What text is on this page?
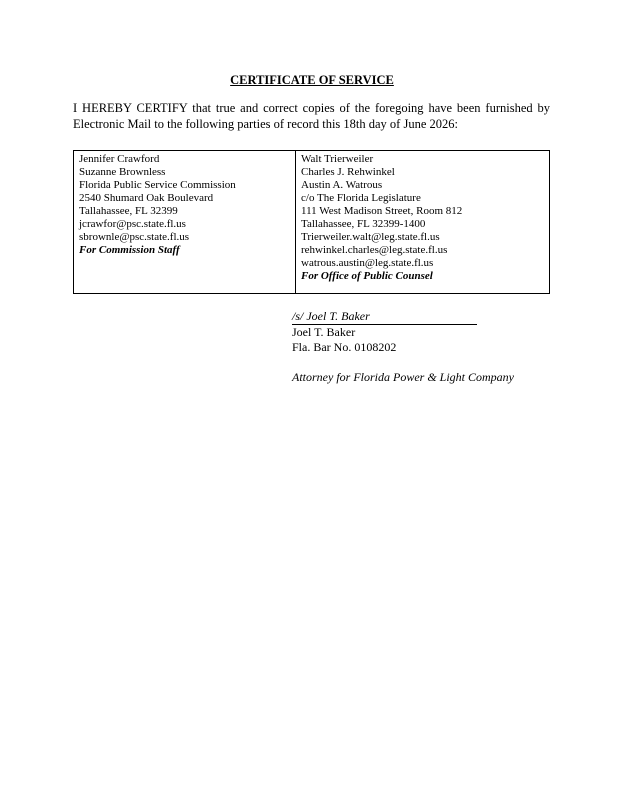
CERTIFICATE OF SERVICE
I HEREBY CERTIFY that true and correct copies of the foregoing have been furnished by
Electronic Mail to the following parties of record this 18th day of June 2026:
Jennifer Crawford
Suzanne Brownless
Florida Public Service Commission
2540 Shumard Oak Boulevard
Tallahassee, FL 32399
jcrawfor@psc.state.fl.us
sbrownle@psc.state.fl.us
For Commission Staff

Walt Trierweiler
Charles J. Rehwinkel
Austin A. Watrous
c/o The Florida Legislature
111 West Madison Street, Room 812
Tallahassee, FL 32399-1400
Trierweiler.walt@leg.state.fl.us
rehwinkel.charles@leg.state.fl.us
watrous.austin@leg.state.fl.us
For Office of Public Counsel
/s/ Joel T. Baker
Joel T. Baker
Fla. Bar No. 0108202
Attorney for Florida Power & Light Company
